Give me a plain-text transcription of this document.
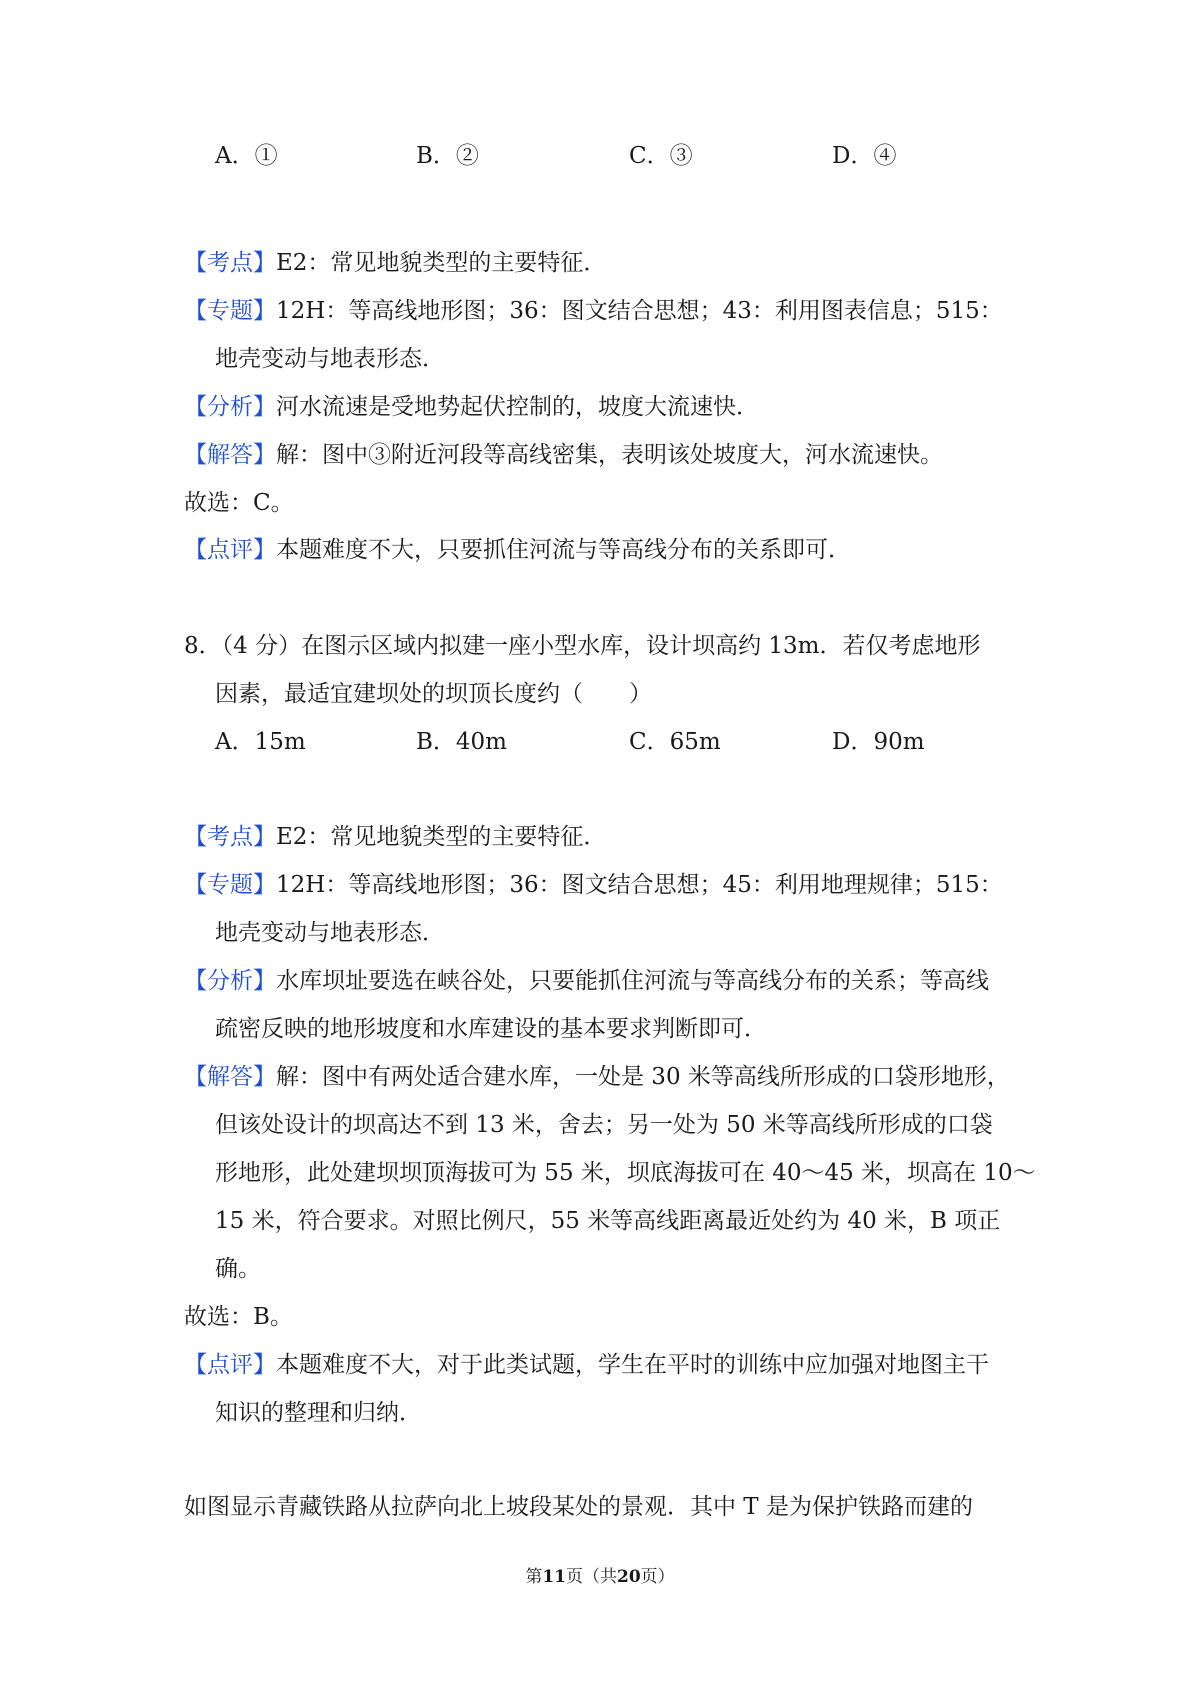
A．①	B．②	C．③	D．④
【考点】E2：常见地貌类型的主要特征．
【专题】12H：等高线地形图；36：图文结合思想；43：利用图表信息；515：
地壳变动与地表形态．
【分析】河水流速是受地势起伏控制的，坡度大流速快．
【解答】解：图中③附近河段等高线密集，表明该处坡度大，河水流速快。
故选：C。
【点评】本题难度不大，只要抓住河流与等高线分布的关系即可．
8．（4 分）在图示区域内拟建一座小型水库，设计坝高约 13m．若仅考虑地形
因素，最适宜建坝处的坝顶长度约（　　）
A．15m	B．40m	C．65m	D．90m
【考点】E2：常见地貌类型的主要特征．
【专题】12H：等高线地形图；36：图文结合思想；45：利用地理规律；515：
地壳变动与地表形态．
【分析】水库坝址要选在峡谷处，只要能抓住河流与等高线分布的关系；等高线
疏密反映的地形坡度和水库建设的基本要求判断即可．
【解答】解：图中有两处适合建水库，一处是 30 米等高线所形成的口袋形地形，
但该处设计的坝高达不到 13 米，舍去；另一处为 50 米等高线所形成的口袋
形地形，此处建坝坝顶海拔可为 55 米，坝底海拔可在 40～45 米，坝高在 10～
15 米，符合要求。对照比例尺，55 米等高线距离最近处约为 40 米，B 项正
确。
故选：B。
【点评】本题难度不大，对于此类试题，学生在平时的训练中应加强对地图主干
知识的整理和归纳．
如图显示青藏铁路从拉萨向北上坡段某处的景观．其中 T 是为保护铁路而建的
第11页（共20页）
